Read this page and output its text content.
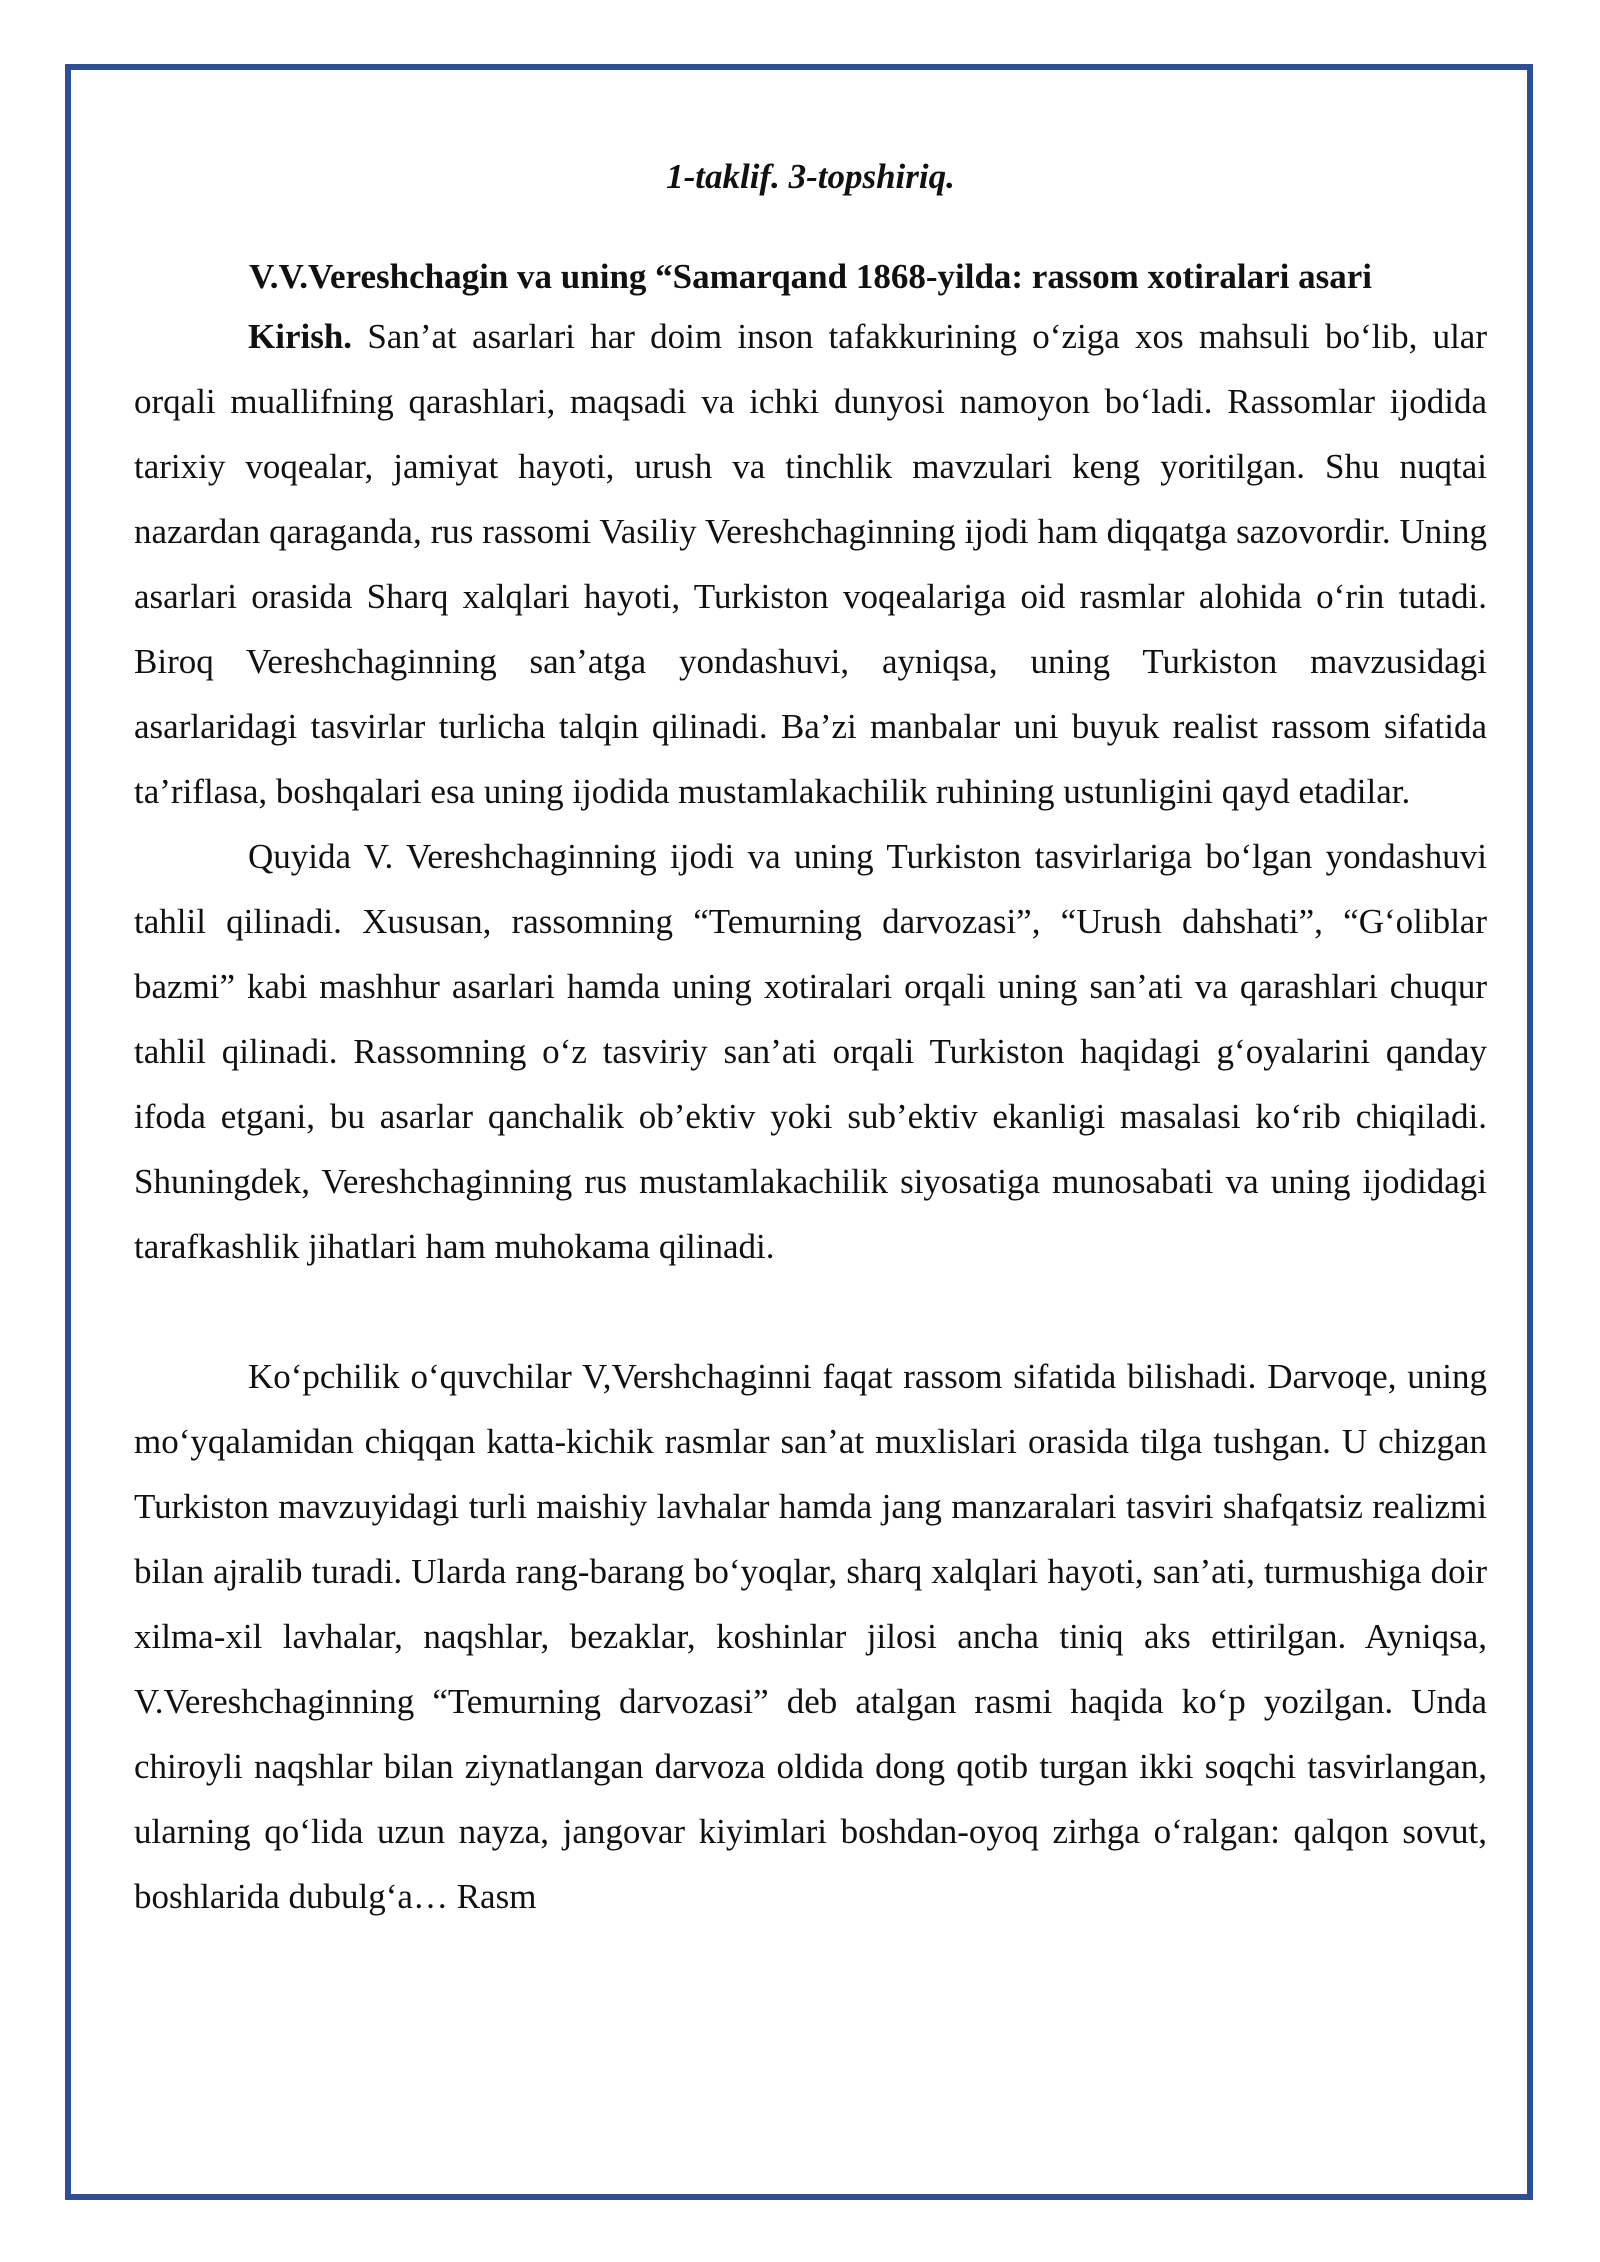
1-taklif. 3-topshiriq.

V.V.Vereshchagin va uning “Samarqand 1868-yilda: rassom xotiralari asari

Kirish. San’at asarlari har doim inson tafakkurining o‘ziga xos mahsuli bo‘lib, ular orqali muallifning qarashlari, maqsadi va ichki dunyosi namoyon bo‘ladi. Rassomlar ijodida tarixiy voqealar, jamiyat hayoti, urush va tinchlik mavzulari keng yoritilgan. Shu nuqtai nazardan qaraganda, rus rassomi Vasiliy Vereshchaginning ijodi ham diqqatga sazovordir. Uning asarlari orasida Sharq xalqlari hayoti, Turkiston voqealariga oid rasmlar alohida o‘rin tutadi. Biroq Vereshchaginning san’atga yondashuvi, ayniqsa, uning Turkiston mavzusidagi asarlaridagi tasvirlar turlicha talqin qilinadi. Ba’zi manbalar uni buyuk realist rassom sifatida ta’riflasa, boshqalari esa uning ijodida mustamlakachilik ruhining ustunligini qayd etadilar.

Quyida V. Vereshchaginning ijodi va uning Turkiston tasvirlariga bo‘lgan yondashuvi tahlil qilinadi. Xususan, rassomning “Temurning darvozasi”, “Urush dahshati”, “G‘oliblar bazmi” kabi mashhur asarlari hamda uning xotiralari orqali uning san’ati va qarashlari chuqur tahlil qilinadi. Rassomning o‘z tasviriy san’ati orqali Turkiston haqidagi g‘oyalarini qanday ifoda etgani, bu asarlar qanchalik ob’ektiv yoki sub’ektiv ekanligi masalasi ko‘rib chiqiladi. Shuningdek, Vereshchaginning rus mustamlakachilik siyosatiga munosabati va uning ijodidagi tarafkashlik jihatlari ham muhokama qilinadi.

Ko‘pchilik o‘quvchilar V,Vershchaginni faqat rassom sifatida bilishadi. Darvoqe, uning mo‘yqalamidan chiqqan katta-kichik rasmlar san’at muxlislari orasida tilga tushgan. U chizgan Turkiston mavzuyidagi turli maishiy lavhalar hamda jang manzaralari tasviri shafqatsiz realizmi bilan ajralib turadi. Ularda rang-barang bo‘yoqlar, sharq xalqlari hayoti, san’ati, turmushiga doir xilma-xil lavhalar, naqshlar, bezaklar, koshinlar jilosi ancha tiniq aks ettirilgan. Ayniqsa, V.Vereshchaginning “Temurning darvozasi” deb atalgan rasmi haqida ko‘p yozilgan. Unda chiroyli naqshlar bilan ziynatlangan darvoza oldida dong qotib turgan ikki soqchi tasvirlangan, ularning qo‘lida uzun nayza, jangovar kiyimlari boshdan-oyoq zirhga o‘ralgan: qalqon sovut, boshlarida dubulg‘a… Rasm
